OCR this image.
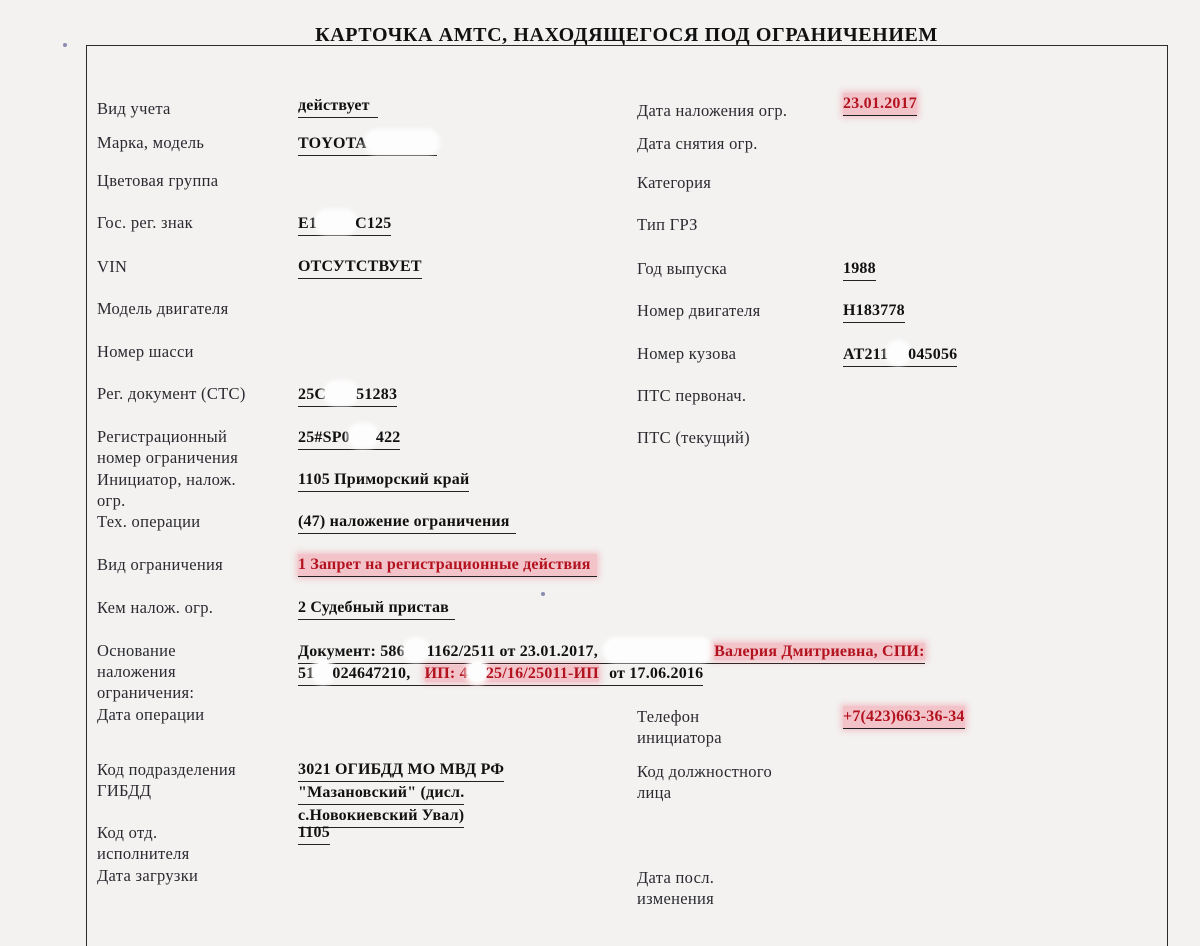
КАРТОЧКА АМТС, НАХОДЯЩЕГОСЯ ПОД ОГРАНИЧЕНИЕМ
Вид учета
Марка, модель
Цветовая группа
Гос. рег. знак
VIN
Модель двигателя
Номер шасси
Рег. документ (СТС)
Регистрационный
номер ограничения
Инициатор, налож.
огр.
Тех. операции
Вид ограничения
Кем налож. огр.
Основание
наложения
ограничения:
Дата операции
Код подразделения
ГИБДД
Код отд.
исполнителя
Дата загрузки
действует
TOYOTA
E1 C125
ОТСУТСТВУЕТ
25С 51283
25#SP0 422
1105 Приморский край
(47) наложение ограничения
1 Запрет на регистрационные действия
2 Судебный пристав
Документ: 586 1162/2511 от 23.01.2017,	Валерия Дмитриевна, СПИ:
51 024647210, ИП: 4 25/16/25011-ИП от 17.06.2016
3021 ОГИБДД МО МВД РФ
"Мазановский" (дисл.
с.Новокиевский Увал)
1105
Дата наложения огр.
Дата снятия огр.
Категория
Тип ГРЗ
Год выпуска
Номер двигателя
Номер кузова
ПТС первонач.
ПТС (текущий)
Телефон
инициатора
Код должностного
лица
Дата посл.
изменения
23.01.2017
1988
H183778
AT211 045056
+7(423)663-36-34
